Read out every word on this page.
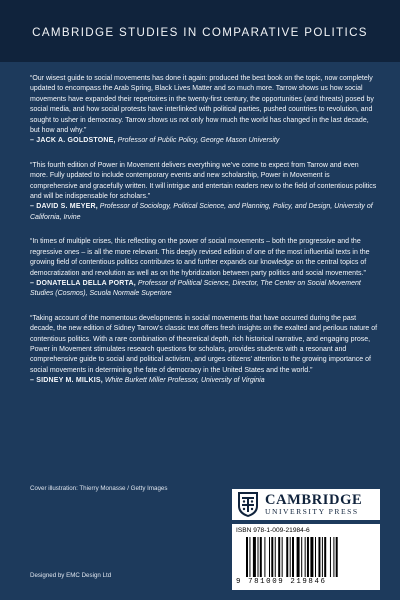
CAMBRIDGE STUDIES IN COMPARATIVE POLITICS

“Our wisest guide to social movements has done it again: produced the best book on the topic, now completely updated to encompass the Arab Spring, Black Lives Matter and so much more. Tarrow shows us how social movements have expanded their repertoires in the twenty-first century, the opportunities (and threats) posed by social media, and how social protests have interlinked with political parties, pushed countries to revolution, and sought to usher in democracy. Tarrow shows us not only how much the world has changed in the last decade, but how and why.”

– JACK A. GOLDSTONE, Professor of Public Policy, George Mason University

“This fourth edition of Power in Movement delivers everything we’ve come to expect from Tarrow and even more. Fully updated to include contemporary events and new scholarship, Power in Movement is comprehensive and gracefully written. It will intrigue and entertain readers new to the field of contentious politics and will be indispensable for scholars.”

– DAVID S. MEYER, Professor of Sociology, Political Science, and Planning, Policy, and Design, University of California, Irvine

“In times of multiple crises, this reflecting on the power of social movements – both the progressive and the regressive ones – is all the more relevant. This deeply revised edition of one of the most influential texts in the growing field of contentious politics contributes to and further expands our knowledge on the central topics of democratization and revolution as well as on the hybridization between party politics and social movements.”

– DONATELLA DELLA PORTA, Professor of Political Science, Director, The Center on Social Movement Studies (Cosmos), Scuola Normale Superiore

“Taking account of the momentous developments in social movements that have occurred during the past decade, the new edition of Sidney Tarrow’s classic text offers fresh insights on the exalted and perilous nature of contentious politics. With a rare combination of theoretical depth, rich historical narrative, and engaging prose, Power in Movement stimulates research questions for scholars, provides students with a resonant and comprehensive guide to social and political activism, and urges citizens’ attention to the growing importance of social movements in determining the fate of democracy in the United States and the world.”

– SIDNEY M. MILKIS, White Burkett Miller Professor, University of Virginia

Cover illustration: Thierry Monasse / Getty Images
CAMBRIDGE
UNIVERSITY PRESS
ISBN 978-1-009-21984-6
9 781009 219846
Designed by EMC Design Ltd
